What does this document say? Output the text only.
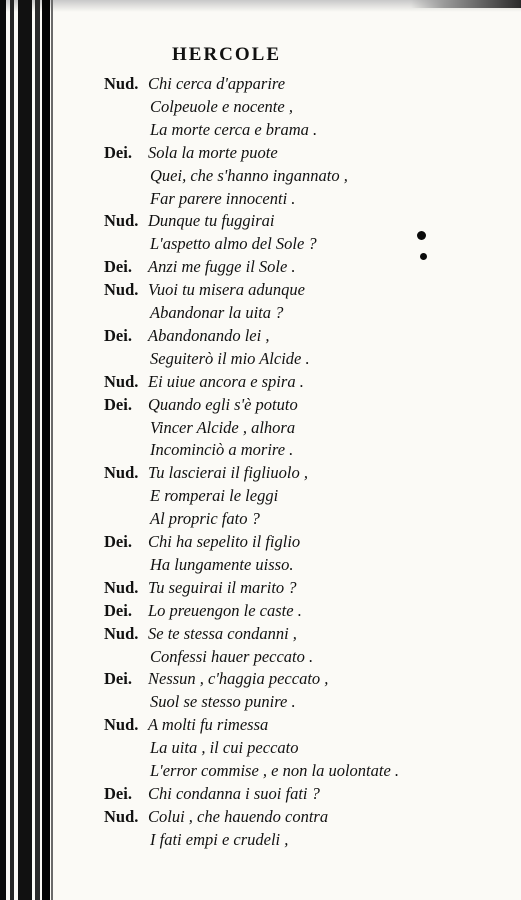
HERCOLE
Nud. Chi cerca d'apparire
Colpeuole e nocente ,
La morte cerca e brama .
Dei. Sola la morte puote
Quei, che s'hanno ingannato ,
Far parere innocenti .
Nud. Dunque tu fuggirai
L'aspetto almo del Sole ?
Dei. Anzi me fugge il Sole .
Nud. Vuoi tu misera adunque
Abandonar la uita ?
Dei. Abandonando lei ,
Seguiterò il mio Alcide .
Nud. Ei uiue ancora e spira .
Dei. Quando egli s'è potuto
Vincer Alcide , alhora
Incominciò a morire .
Nud. Tu lascierai il figliuolo ,
E romperai le leggi
Al propric fato ?
Dei. Chi ha sepelito il figlio
Ha lungamente uisso.
Nud. Tu seguirai il marito ?
Dei. Lo preuengon le caste .
Nud. Se te stessa condanni ,
Confessi hauer peccato .
Dei. Nessun , c'haggia peccato ,
Suol se stesso punire .
Nud. A molti fu rimessa
La uita , il cui peccato
L'error commise , e non la uolontate .
Dei. Chi condanna i suoi fati ?
Nud. Colui , che hauendo contra
I fati empi e crudeli ,
